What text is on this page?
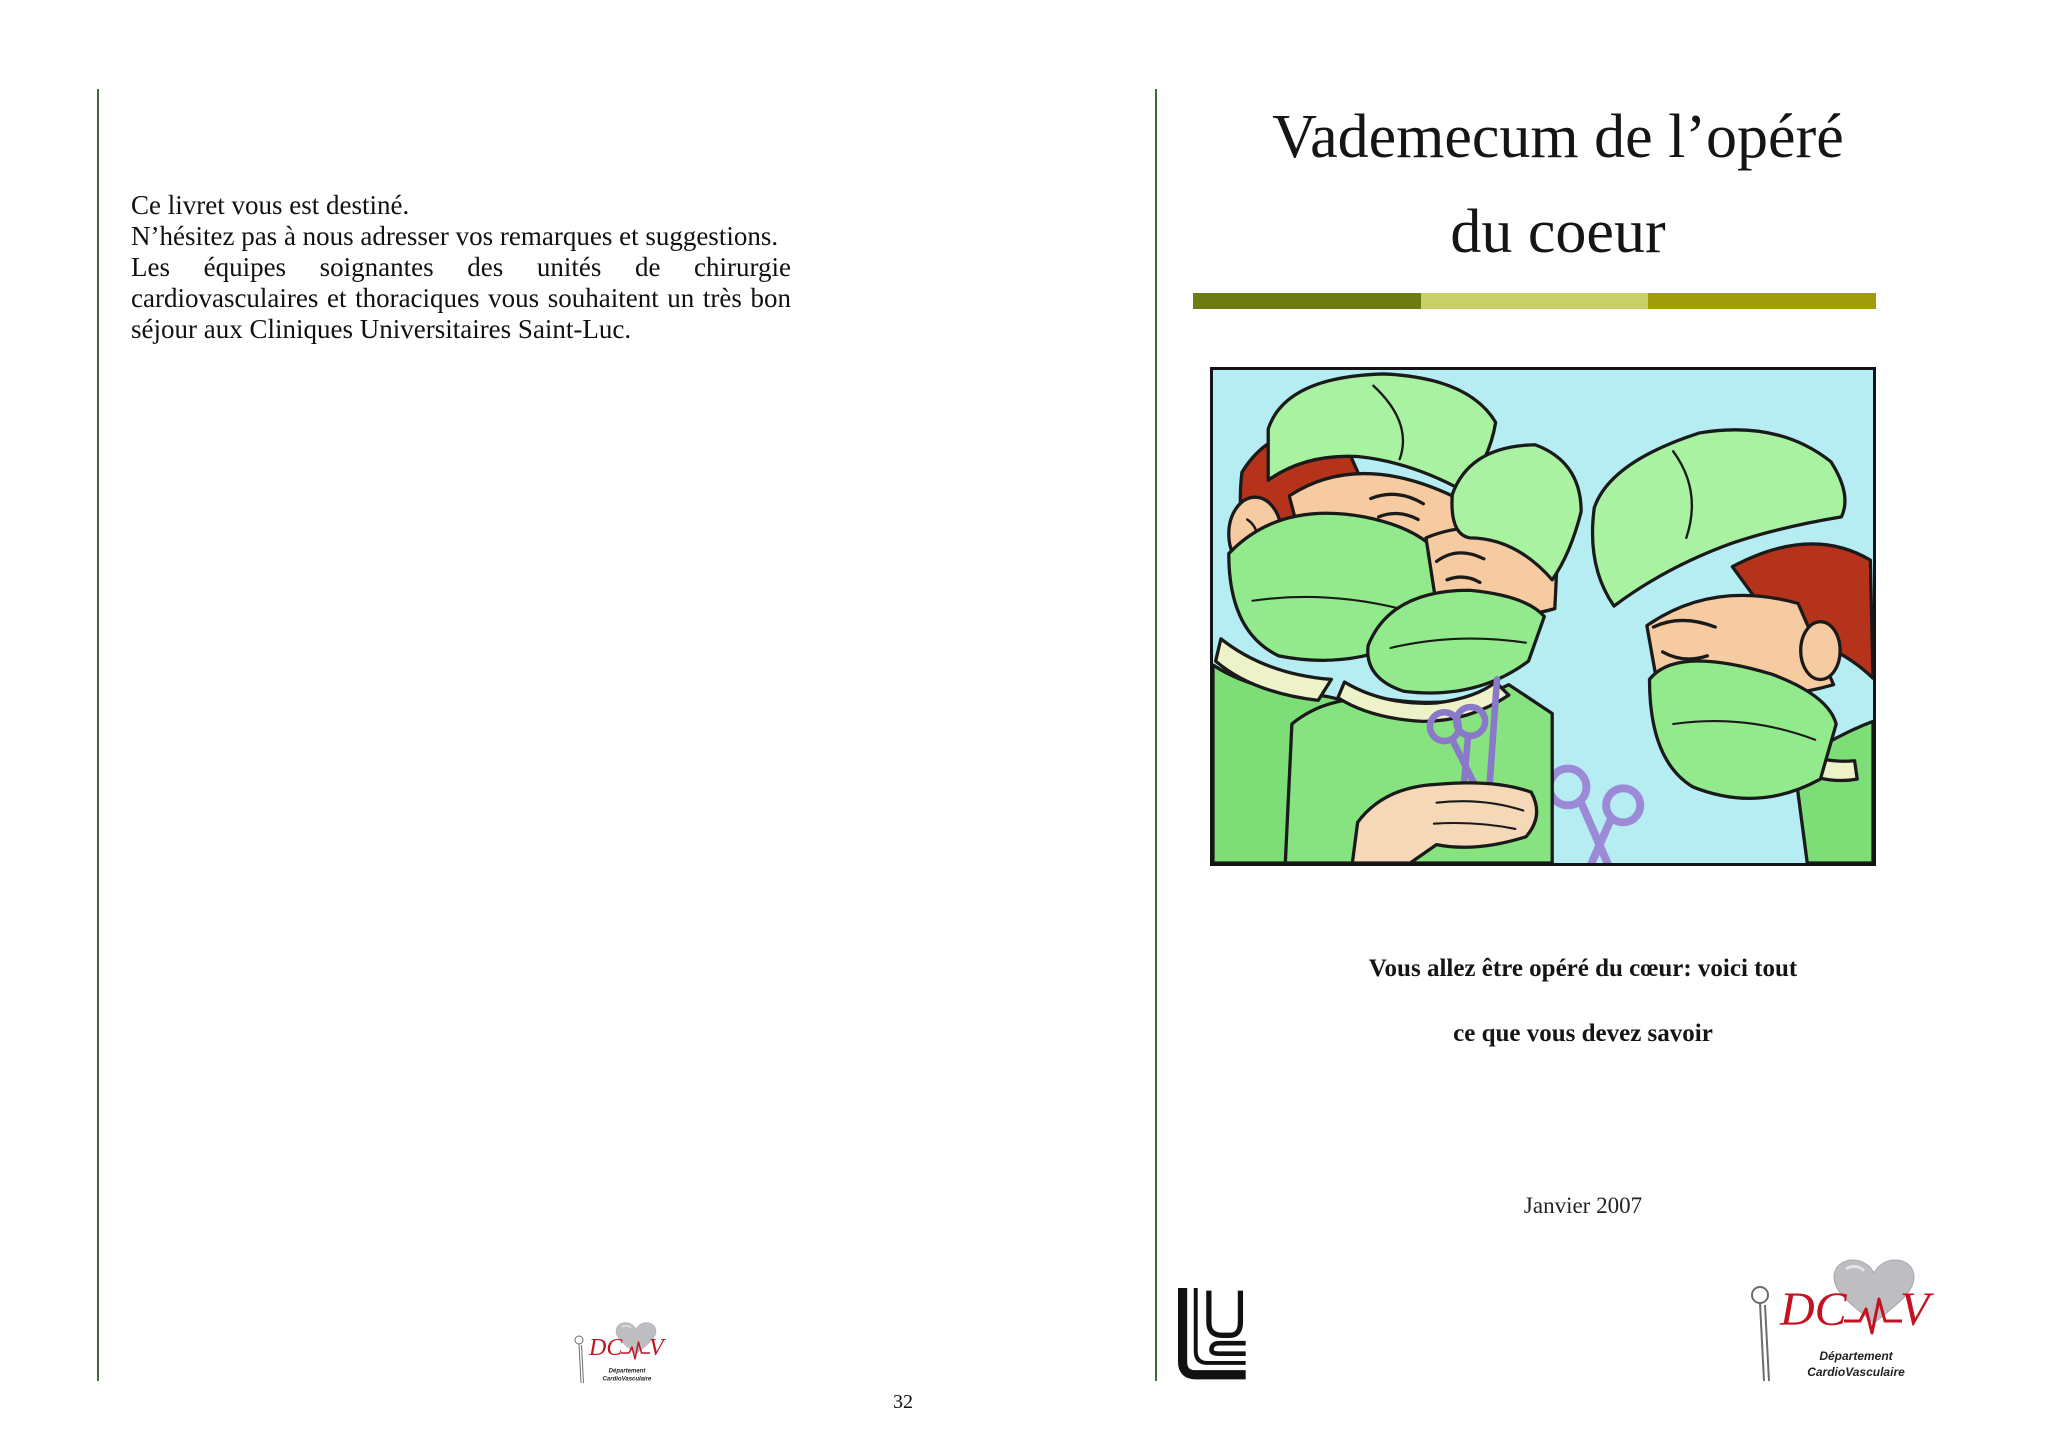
Ce livret vous est destiné.
N’hésitez pas à nous adresser vos remarques et suggestions.
Les équipes soignantes des unités de chirurgie
cardiovasculaires et thoraciques vous souhaitent un très bon
séjour aux Cliniques Universitaires Saint-Luc.
32
DC V
Département
CardioVasculaire
Vademecum de l’opéré
du coeur
Vous allez être opéré du cœur: voici tout
ce que vous devez savoir
Janvier 2007
DC V
Département
CardioVasculaire
